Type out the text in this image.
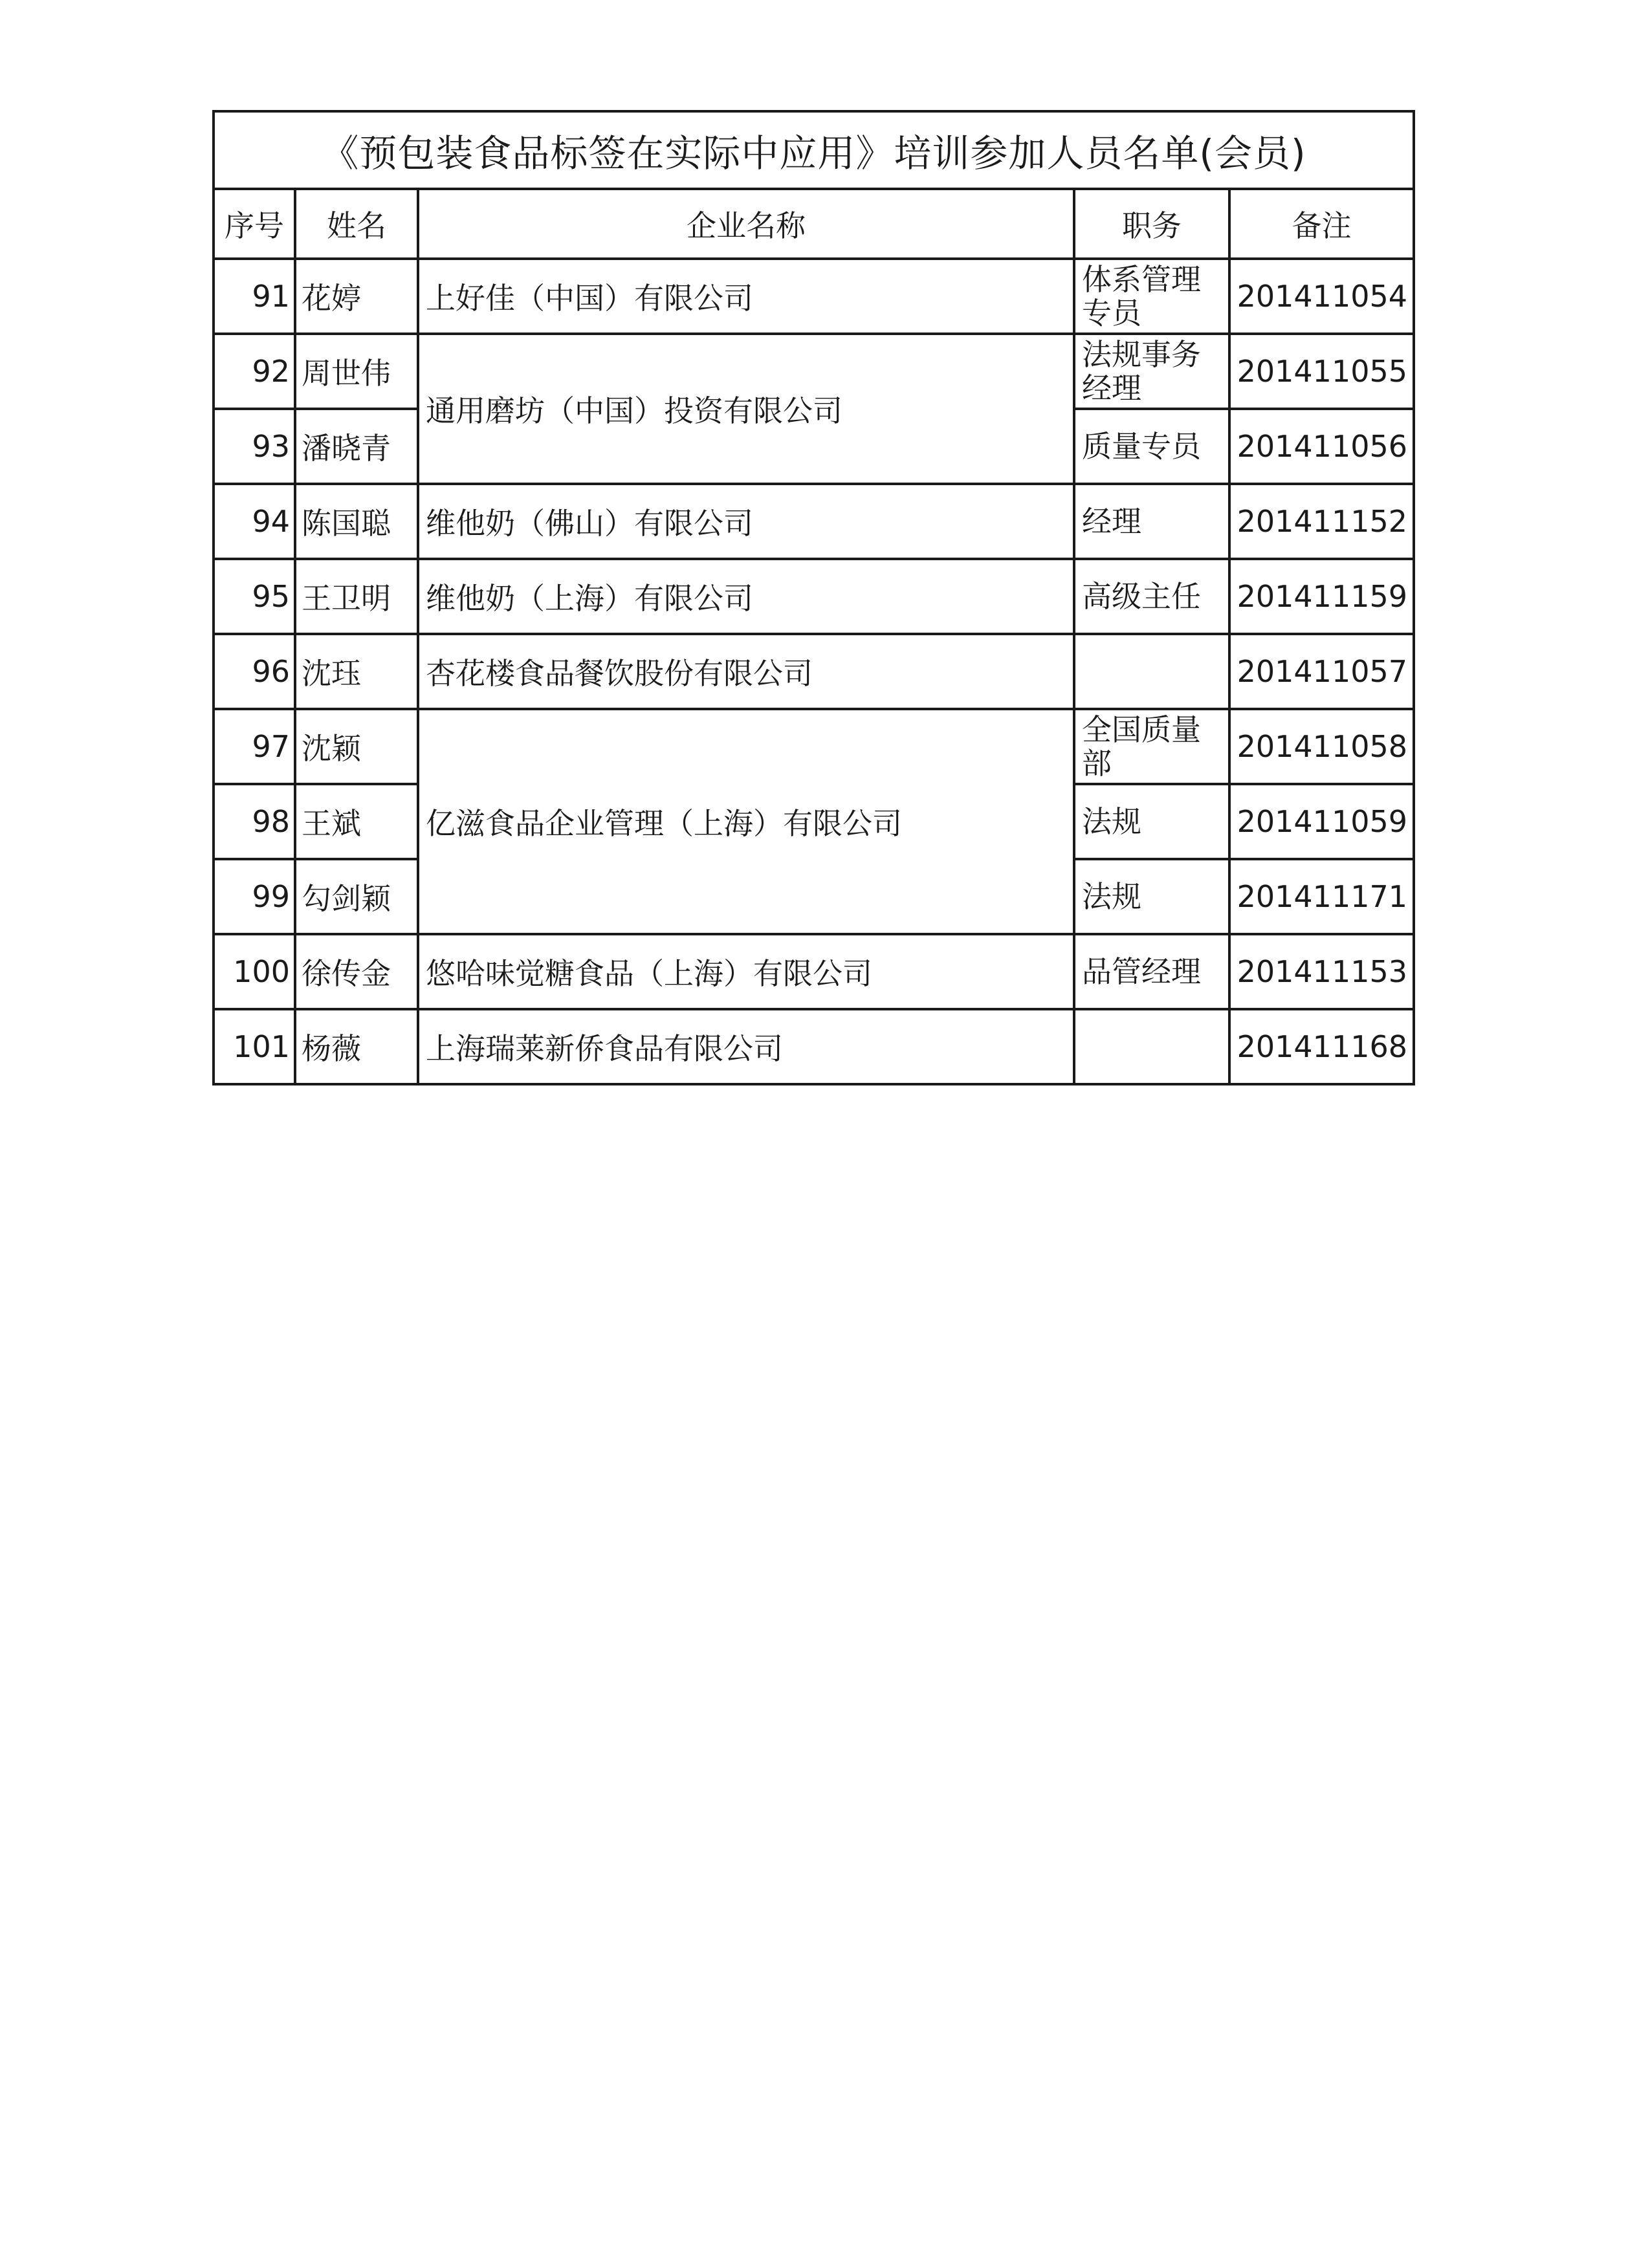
《预包装食品标签在实际中应用》培训参加人员名单(会员)				
序号	姓名	企业名称	职务	备注
91	花婷	上好佳（中国）有限公司	体系管理专员	201411054
92	周世伟	通用磨坊（中国）投资有限公司	法规事务经理	201411055
93	潘晓青		质量专员	201411056
94	陈国聪	维他奶（佛山）有限公司	经理	201411152
95	王卫明	维他奶（上海）有限公司	高级主任	201411159
96	沈珏	杏花楼食品餐饮股份有限公司		201411057
97	沈颖	亿滋食品企业管理（上海）有限公司	全国质量部	201411058
98	王斌		法规	201411059
99	勾剑颖		法规	201411171
100	徐传金	悠哈味觉糖食品（上海）有限公司	品管经理	201411153
101	杨薇	上海瑞莱新侨食品有限公司		201411168
